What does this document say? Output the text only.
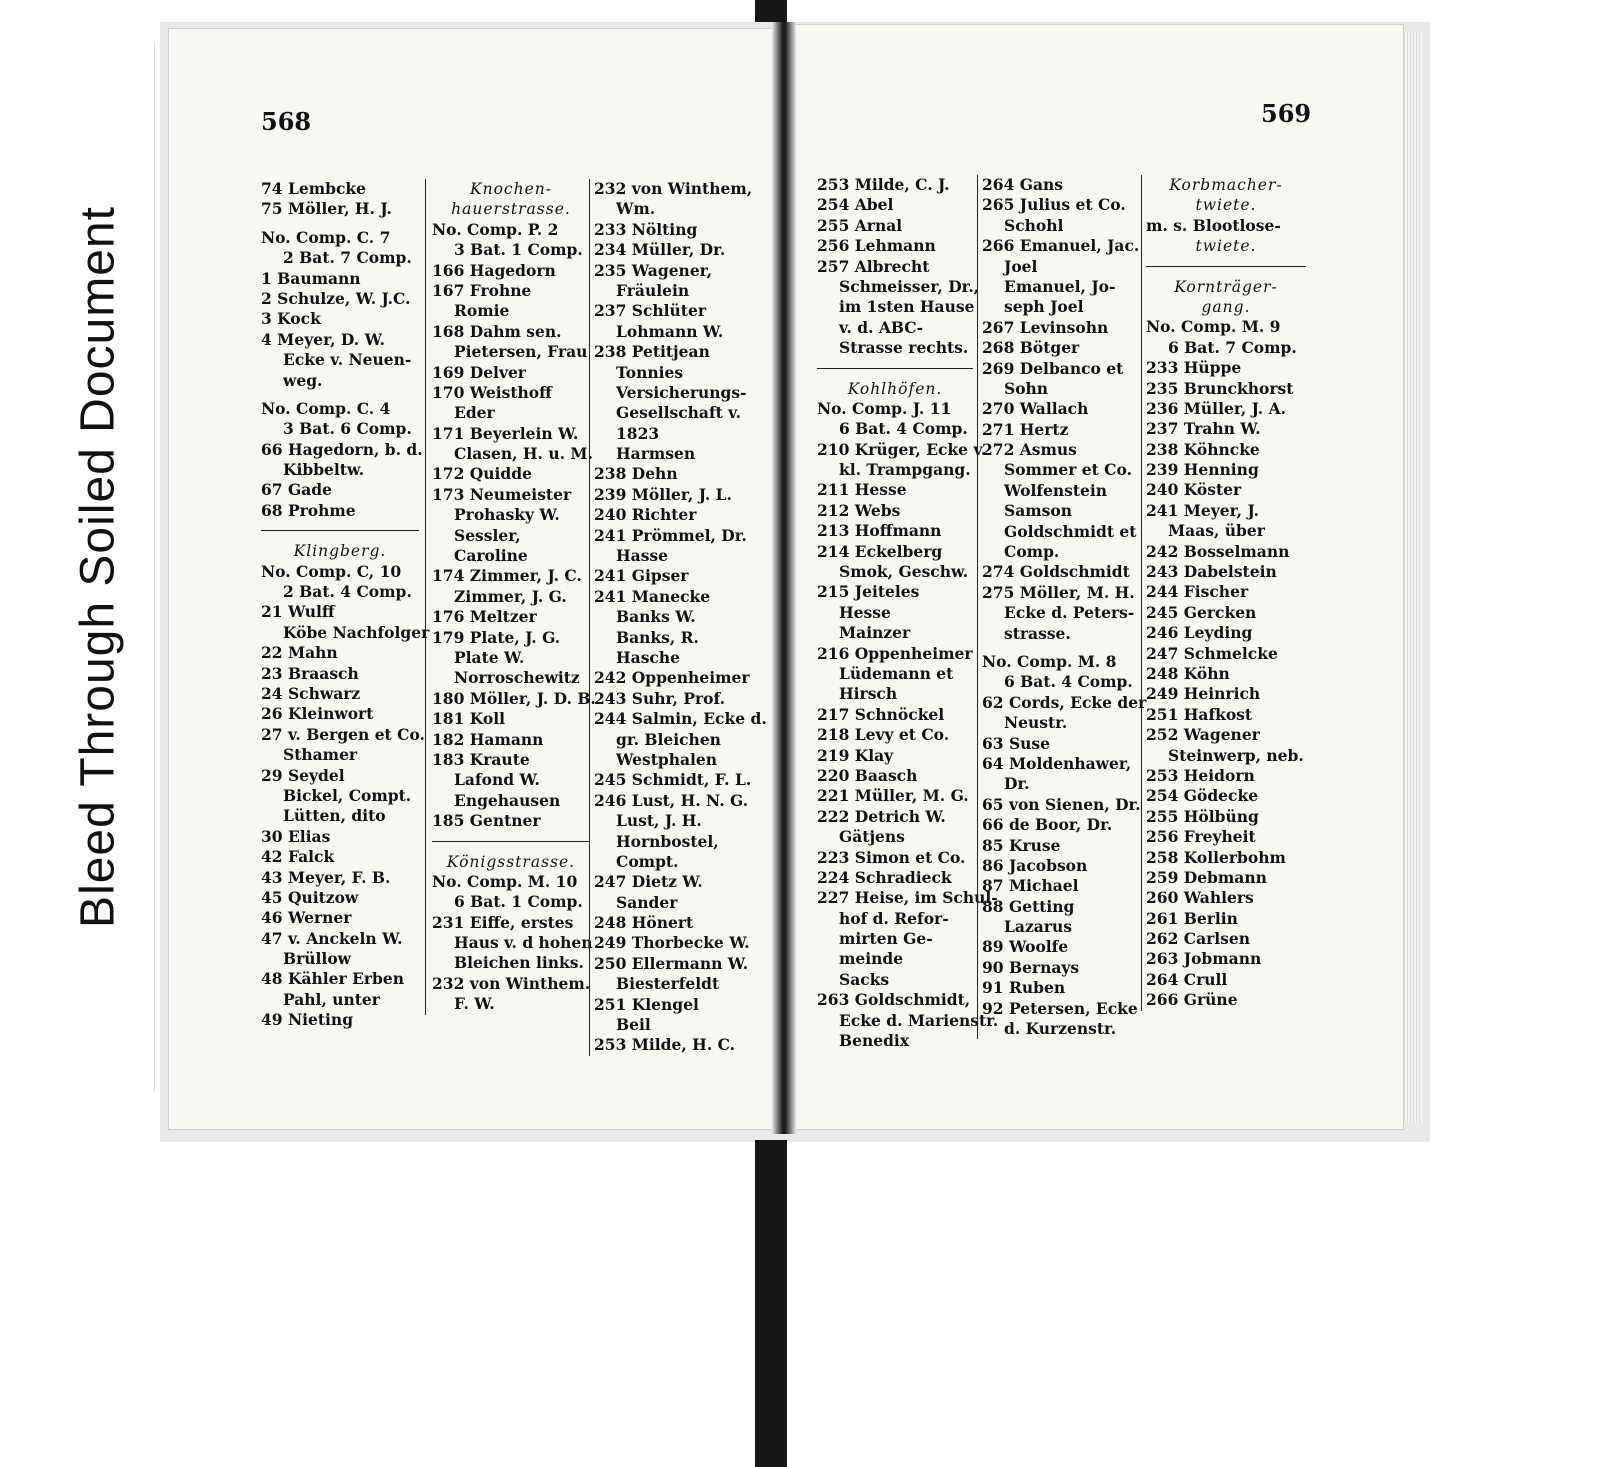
Bleed Through Soiled Document
568
74 Lembcke
75 Möller, H. J.
No. Comp. C. 7
2 Bat. 7 Comp.
1 Baumann
2 Schulze, W. J.C.
3 Kock
4 Meyer, D. W.
Ecke v. Neuen-
weg.
No. Comp. C. 4
3 Bat. 6 Comp.
66 Hagedorn, b. d.
Kibbeltw.
67 Gade
68 Prohme
Klingberg.
No. Comp. C, 10
2 Bat. 4 Comp.
21 Wulff
Köbe Nachfolger
22 Mahn
23 Braasch
24 Schwarz
26 Kleinwort
27 v. Bergen et Co.
Sthamer
29 Seydel
Bickel, Compt.
Lütten, dito
30 Elias
42 Falck
43 Meyer, F. B.
45 Quitzow
46 Werner
47 v. Anckeln W.
Brüllow
48 Kähler Erben
Pahl, unter
49 Nieting
Knochen-
hauerstrasse.
No. Comp. P. 2
3 Bat. 1 Comp.
166 Hagedorn
167 Frohne
Romie
168 Dahm sen.
Pietersen, Frau
169 Delver
170 Weisthoff
Eder
171 Beyerlein W.
Clasen, H. u. M.
172 Quidde
173 Neumeister
Prohasky W.
Sessler,
Caroline
174 Zimmer, J. C.
Zimmer, J. G.
176 Meltzer
179 Plate, J. G.
Plate W.
Norroschewitz
180 Möller, J. D. B.
181 Koll
182 Hamann
183 Kraute
Lafond W.
Engehausen
185 Gentner
Königsstrasse.
No. Comp. M. 10
6 Bat. 1 Comp.
231 Eiffe, erstes
Haus v. d hohen
Bleichen links.
232 von Winthem.
F. W.
232 von Winthem,
Wm.
233 Nölting
234 Müller, Dr.
235 Wagener,
Fräulein
237 Schlüter
Lohmann W.
238 Petitjean
Tonnies
Versicherungs-
Gesellschaft v.
1823
Harmsen
238 Dehn
239 Möller, J. L.
240 Richter
241 Prömmel, Dr.
Hasse
241 Gipser
241 Manecke
Banks W.
Banks, R.
Hasche
242 Oppenheimer
243 Suhr, Prof.
244 Salmin, Ecke d.
gr. Bleichen
Westphalen
245 Schmidt, F. L.
246 Lust, H. N. G.
Lust, J. H.
Hornbostel,
Compt.
247 Dietz W.
Sander
248 Hönert
249 Thorbecke W.
250 Ellermann W.
Biesterfeldt
251 Klengel
Beil
253 Milde, H. C.
569
253 Milde, C. J.
254 Abel
255 Arnal
256 Lehmann
257 Albrecht
Schmeisser, Dr.,
im 1sten Hause
v. d. ABC-
Strasse rechts.
Kohlhöfen.
No. Comp. J. 11
6 Bat. 4 Comp.
210 Krüger, Ecke v.
kl. Trampgang.
211 Hesse
212 Webs
213 Hoffmann
214 Eckelberg
Smok, Geschw.
215 Jeiteles
Hesse
Mainzer
216 Oppenheimer
Lüdemann et
Hirsch
217 Schnöckel
218 Levy et Co.
219 Klay
220 Baasch
221 Müller, M. G.
222 Detrich W.
Gätjens
223 Simon et Co.
224 Schradieck
227 Heise, im Schul-
hof d. Refor-
mirten Ge-
meinde
Sacks
263 Goldschmidt,
Ecke d. Marienstr.
Benedix
264 Gans
265 Julius et Co.
Schohl
266 Emanuel, Jac.
Joel
Emanuel, Jo-
seph Joel
267 Levinsohn
268 Bötger
269 Delbanco et
Sohn
270 Wallach
271 Hertz
272 Asmus
Sommer et Co.
Wolfenstein
Samson
Goldschmidt et
Comp.
274 Goldschmidt
275 Möller, M. H.
Ecke d. Peters-
strasse.
No. Comp. M. 8
6 Bat. 4 Comp.
62 Cords, Ecke der
Neustr.
63 Suse
64 Moldenhawer,
Dr.
65 von Sienen, Dr.
66 de Boor, Dr.
85 Kruse
86 Jacobson
87 Michael
88 Getting
Lazarus
89 Woolfe
90 Bernays
91 Ruben
92 Petersen, Ecke
d. Kurzenstr.
Korbmacher-
twiete.
m. s. Blootlose-
twiete.
Kornträger-
gang.
No. Comp. M. 9
6 Bat. 7 Comp.
233 Hüppe
235 Brunckhorst
236 Müller, J. A.
237 Trahn W.
238 Köhncke
239 Henning
240 Köster
241 Meyer, J.
Maas, über
242 Bosselmann
243 Dabelstein
244 Fischer
245 Gercken
246 Leyding
247 Schmelcke
248 Köhn
249 Heinrich
251 Hafkost
252 Wagener
Steinwerp, neb.
253 Heidorn
254 Gödecke
255 Hölbüng
256 Freyheit
258 Kollerbohm
259 Debmann
260 Wahlers
261 Berlin
262 Carlsen
263 Jobmann
264 Crull
266 Grüne
